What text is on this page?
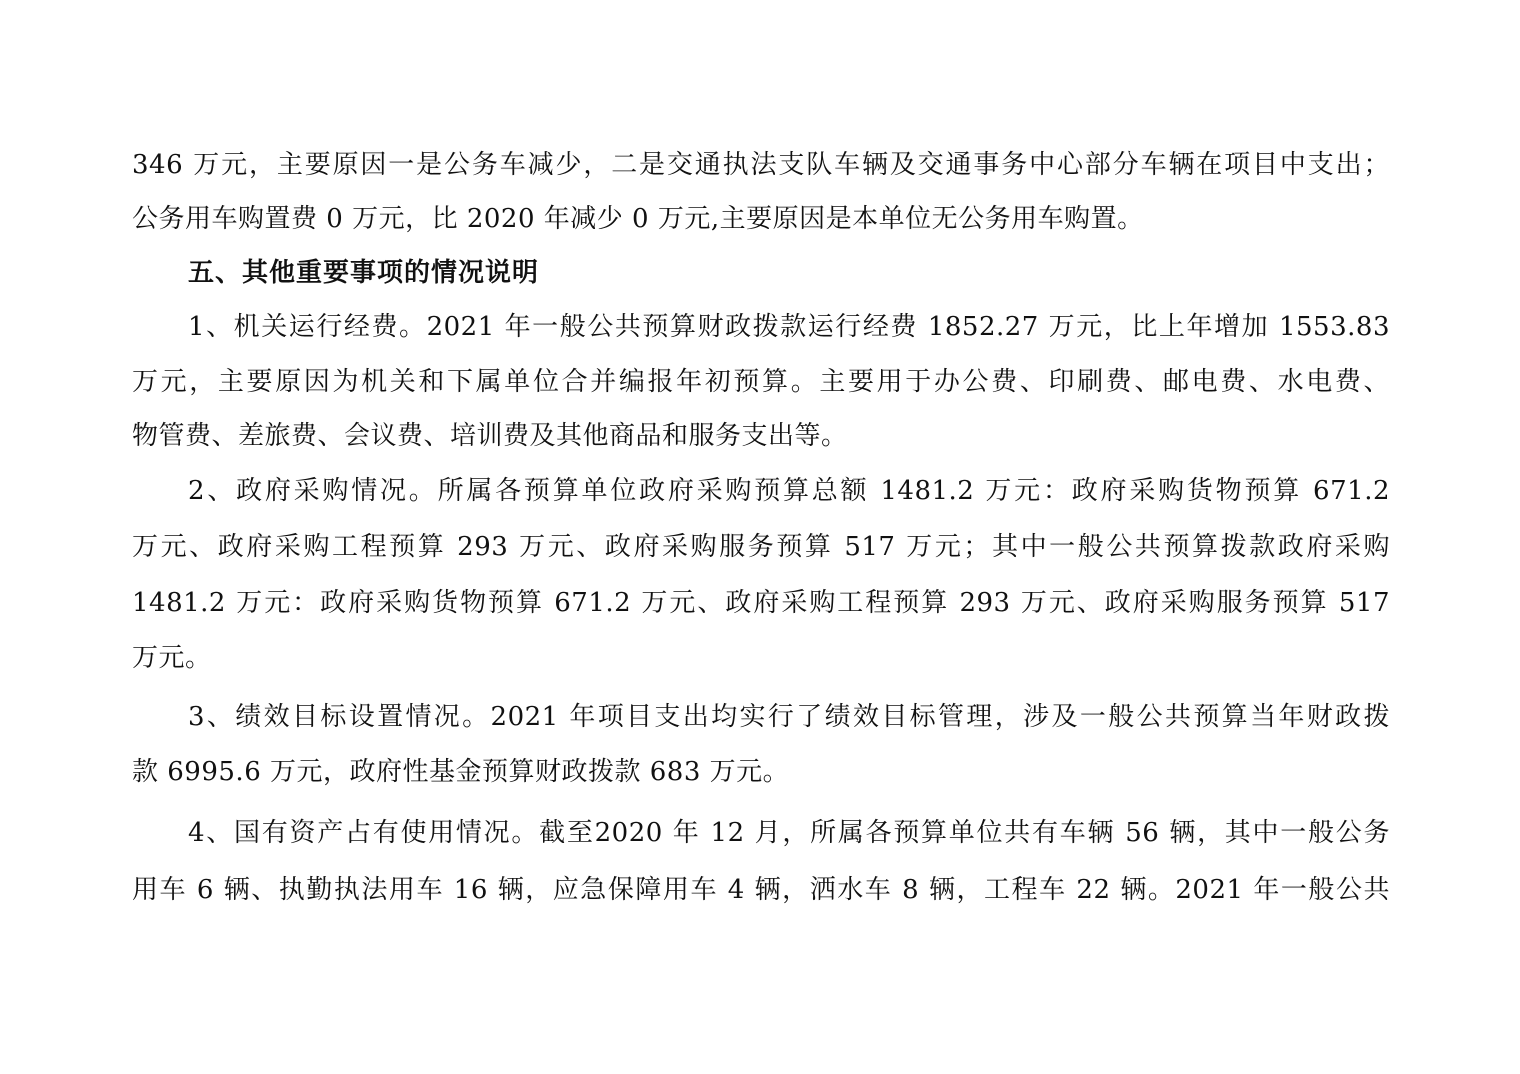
346 万元，主要原因一是公务车减少，二是交通执法支队车辆及交通事务中心部分车辆在项目中支出；
公务用车购置费 0 万元，比 2020 年减少 0 万元,主要原因是本单位无公务用车购置。
五、其他重要事项的情况说明
1、机关运行经费。2021 年一般公共预算财政拨款运行经费 1852.27 万元，比上年增加 1553.83
万元，主要原因为机关和下属单位合并编报年初预算。主要用于办公费、印刷费、邮电费、水电费、
物管费、差旅费、会议费、培训费及其他商品和服务支出等。
2、政府采购情况。所属各预算单位政府采购预算总额 1481.2 万元：政府采购货物预算 671.2
万元、政府采购工程预算 293 万元、政府采购服务预算 517 万元；其中一般公共预算拨款政府采购
1481.2 万元：政府采购货物预算 671.2 万元、政府采购工程预算 293 万元、政府采购服务预算 517
万元。
3、绩效目标设置情况。2021 年项目支出均实行了绩效目标管理，涉及一般公共预算当年财政拨
款 6995.6 万元，政府性基金预算财政拨款 683 万元。
4、国有资产占有使用情况。截至2020 年 12 月，所属各预算单位共有车辆 56 辆，其中一般公务
用车 6 辆、执勤执法用车 16 辆，应急保障用车 4 辆，洒水车 8 辆，工程车 22 辆。2021 年一般公共
